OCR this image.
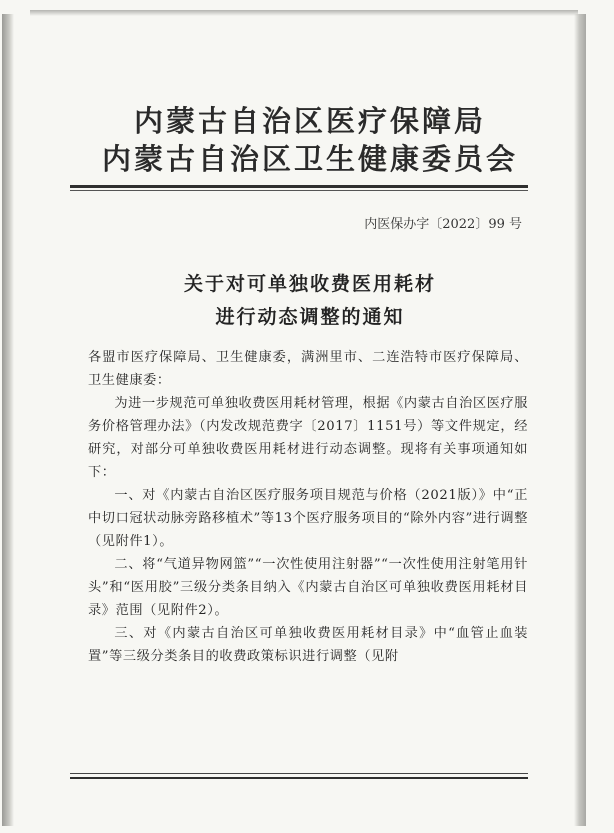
内蒙古自治区医疗保障局
内蒙古自治区卫生健康委员会
内医保办字〔2022〕99 号
关于对可单独收费医用耗材
进行动态调整的通知

各盟市医疗保障局、卫生健康委，满洲里市、二连浩特市医疗保障局、卫生健康委：

为进一步规范可单独收费医用耗材管理，根据《内蒙古自治区医疗服务价格管理办法》（内发改规范费字〔2017〕1151号）等文件规定，经研究，对部分可单独收费医用耗材进行动态调整。现将有关事项通知如下：

一、对《内蒙古自治区医疗服务项目规范与价格（2021版）》中“正中切口冠状动脉旁路移植术”等13个医疗服务项目的“除外内容”进行调整（见附件1）。

二、将“气道异物网篮”“一次性使用注射器”“一次性使用注射笔用针头”和“医用胶”三级分类条目纳入《内蒙古自治区可单独收费医用耗材目录》范围（见附件2）。

三、对《内蒙古自治区可单独收费医用耗材目录》中“血管止血装置”等三级分类条目的收费政策标识进行调整（见附
